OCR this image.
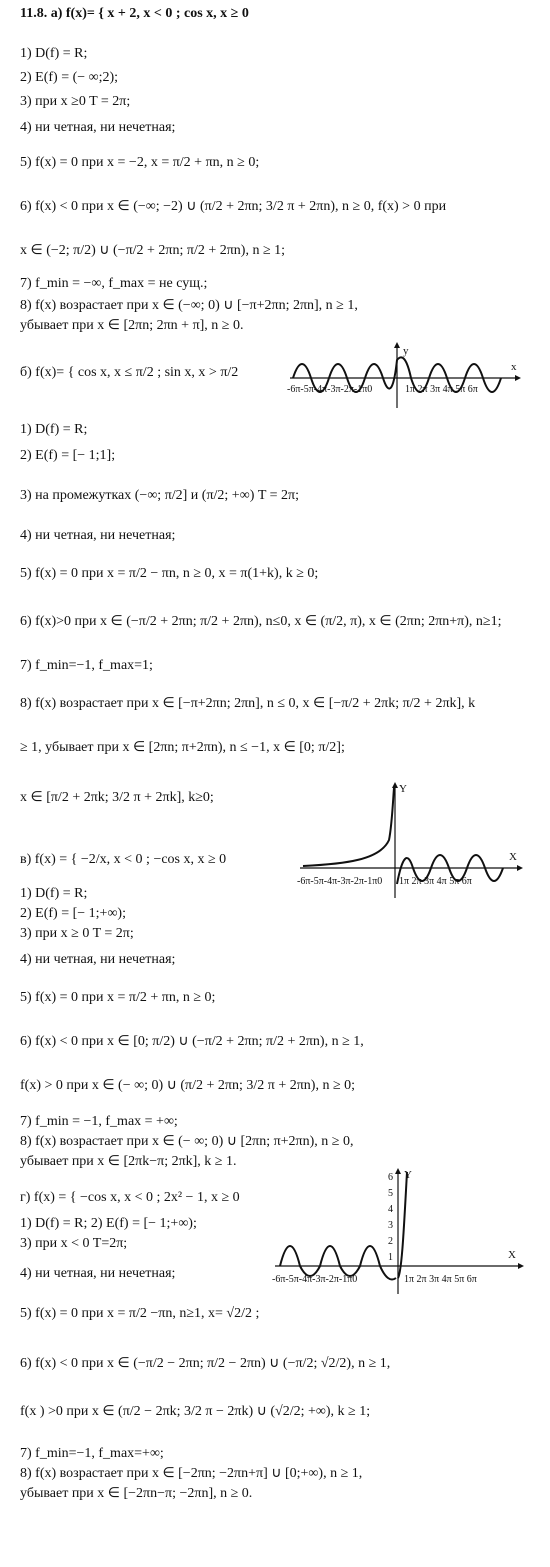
11.8. а) f(x)= { x + 2, x < 0 ; cos x, x ≥ 0
1) D(f) = R;
2) E(f) = (− ∞;2);
3) при x ≥0 T = 2π;
4) ни четная, ни нечетная;
5) f(x) = 0 при x = −2, x = π/2 + πn, n ≥ 0;
6) f(x) < 0 при x ∈ (−∞; −2) ∪ (π/2 + 2πn; 3/2 π + 2πn), n ≥ 0, f(x) > 0 при
x ∈ (−2; π/2) ∪ (−π/2 + 2πn; π/2 + 2πn), n ≥ 1;
7) f_min = −∞, f_max = не сущ.;
8) f(x) возрастает при x ∈ (−∞; 0) ∪ [−π+2πn; 2πn], n ≥ 1,
убывает при x ∈ [2πn; 2πn + π], n ≥ 0.
б) f(x)= { cos x, x ≤ π/2 ; sin x, x > π/2	x
y
-6π-5π-4π-3π-2π-1π0	1π 2π 3π 4π 5π 6π
1) D(f) = R;
2) E(f) = [− 1;1];
3) на промежутках (−∞; π/2] и (π/2; +∞) T = 2π;
4) ни четная, ни нечетная;
5) f(x) = 0 при x = π/2 − πn, n ≥ 0, x = π(1+k), k ≥ 0;
6) f(x)>0 при x ∈ (−π/2 + 2πn; π/2 + 2πn), n≤0, x ∈ (π/2, π), x ∈ (2πn; 2πn+π), n≥1;
7) f_min=−1, f_max=1;
8) f(x) возрастает при x ∈ [−π+2πn; 2πn], n ≤ 0, x ∈ [−π/2 + 2πk; π/2 + 2πk], k
≥ 1, убывает при x ∈ [2πn; π+2πn), n ≤ −1, x ∈ [0; π/2];
x ∈ [π/2 + 2πk; 3/2 π + 2πk], k≥0;
в) f(x) = { −2/x, x < 0 ; −cos x, x ≥ 0	X
Y
-6π-5π-4π-3π-2π-1π0 1π 2π 3π 4π 5π 6π
1) D(f) = R;
2) E(f) = [− 1;+∞);
3) при x ≥ 0 T = 2π;
4) ни четная, ни нечетная;
5) f(x) = 0 при x = π/2 + πn, n ≥ 0;
6) f(x) < 0 при x ∈ [0; π/2) ∪ (−π/2 + 2πn; π/2 + 2πn), n ≥ 1,
f(x) > 0 при x ∈ (− ∞; 0) ∪ (π/2 + 2πn; 3/2 π + 2πn), n ≥ 0;
7) f_min = −1, f_max = +∞;
8) f(x) возрастает при x ∈ (− ∞; 0) ∪ [2πn; π+2πn), n ≥ 0,
убывает при x ∈ [2πk−π; 2πk], k ≥ 1.
г) f(x) = { −cos x, x < 0 ; 2x² − 1, x ≥ 0
X
Y
6
5
4
3
2
1
-6π-5π-4π-3π-2π-1π0	1π 2π 3π 4π 5π 6π
1) D(f) = R; 2) E(f) = [− 1;+∞);
3) при x < 0 T=2π;
4) ни четная, ни нечетная;
5) f(x) = 0 при x = π/2 −πn, n≥1, x= √2/2 ;
6) f(x) < 0 при x ∈ (−π/2 − 2πn; π/2 − 2πn) ∪ (−π/2; √2/2), n ≥ 1,
f(x ) >0 при x ∈ (π/2 − 2πk; 3/2 π − 2πk) ∪ (√2/2; +∞), k ≥ 1;
7) f_min=−1, f_max=+∞;
8) f(x) возрастает при x ∈ [−2πn; −2πn+π] ∪ [0;+∞), n ≥ 1,
убывает при x ∈ [−2πn−π; −2πn], n ≥ 0.
